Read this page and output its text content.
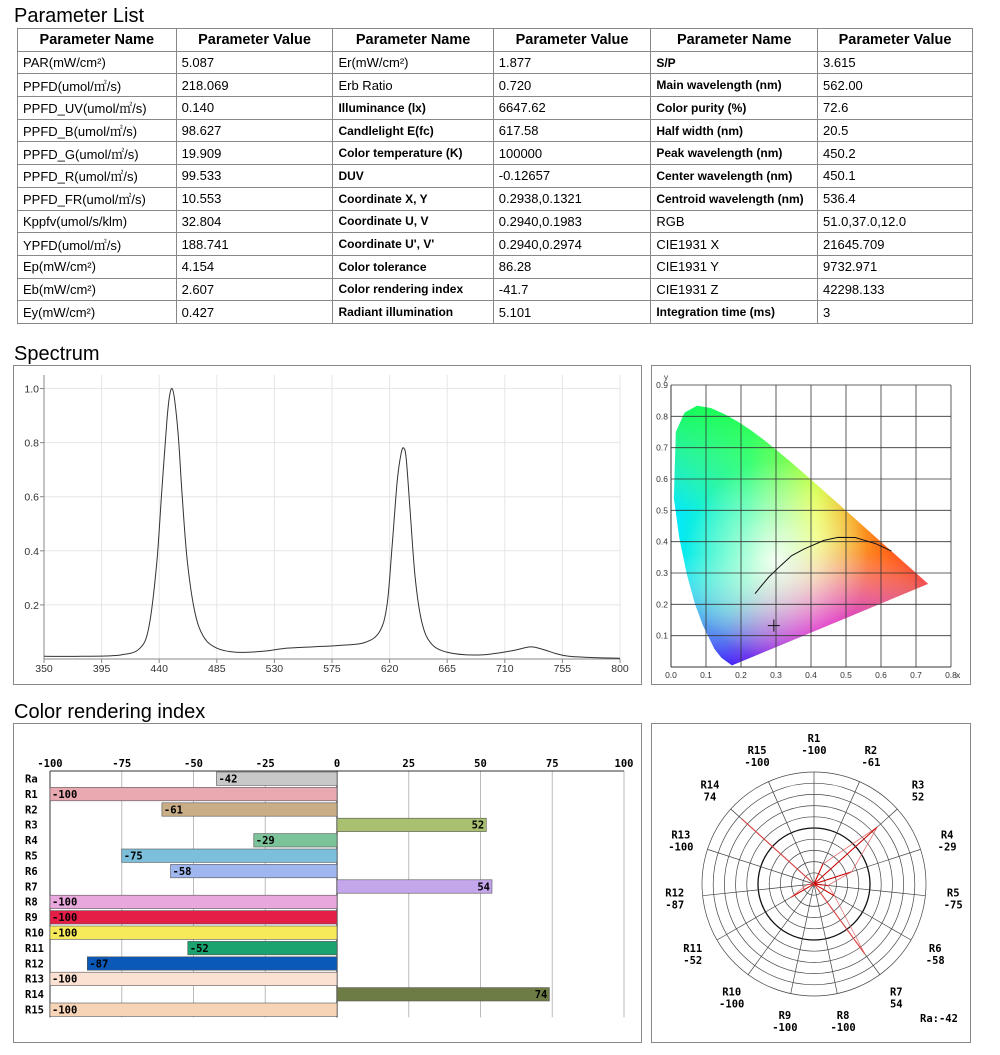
Parameter List
Parameter Name	Parameter Value	Parameter Name	Parameter Value	Parameter Name	Parameter Value
PAR(mW/cm²)	5.087	Er(mW/cm²)	1.877	S/P	3.615
PPFD(umol/㎡/s)	218.069	Erb Ratio	0.720	Main wavelength (nm)	562.00
PPFD_UV(umol/㎡/s)	0.140	Illuminance (lx)	6647.62	Color purity (%)	72.6
PPFD_B(umol/㎡/s)	98.627	Candlelight E(fc)	617.58	Half width (nm)	20.5
PPFD_G(umol/㎡/s)	19.909	Color temperature (K)	100000	Peak wavelength (nm)	450.2
PPFD_R(umol/㎡/s)	99.533	DUV	-0.12657	Center wavelength (nm)	450.1
PPFD_FR(umol/㎡/s)	10.553	Coordinate X, Y	0.2938,0.1321	Centroid wavelength (nm)	536.4
Kppfv(umol/s/klm)	32.804	Coordinate U, V	0.2940,0.1983	RGB	51.0,37.0,12.0
YPFD(umol/㎡/s)	188.741	Coordinate U', V'	0.2940,0.2974	CIE1931 X	21645.709
Ep(mW/cm²)	4.154	Color tolerance	86.28	CIE1931 Y	9732.971
Eb(mW/cm²)	2.607	Color rendering index	-41.7	CIE1931 Z	42298.133
Ey(mW/cm²)	0.427	Radiant illumination	5.101	Integration time (ms)	3
Spectrum
350	395	440	485	530	575	620	665	710	755	800
0.2
0.4
0.6
0.8
1.0
0.0	0.1	0.2	0.3	0.4	0.5	0.6	0.7	0.8 x
0.1
0.2
0.3
0.4
0.5
0.6
0.7
0.8
0.9
y
Color rendering index
-100	-75	-50	-25	0	25	50	75	100
Ra	-42
R1 -100
R2	-61
R3	52
R4	-29
R5	-75
R6	-58
R7	54
R8 -100
R9 -100
R10 -100
R11	-52
R12	-87
R13 -100
R14	74
R15 -100
R1
-100	R2
-61
R3
52
R4
-29
R5
-75
R6
-58
R7
54
R8
-100
R9
-100
R10
-100
R11
-52
R12
-87
R13
-100
R14
74
R15
-100
Ra:-42
